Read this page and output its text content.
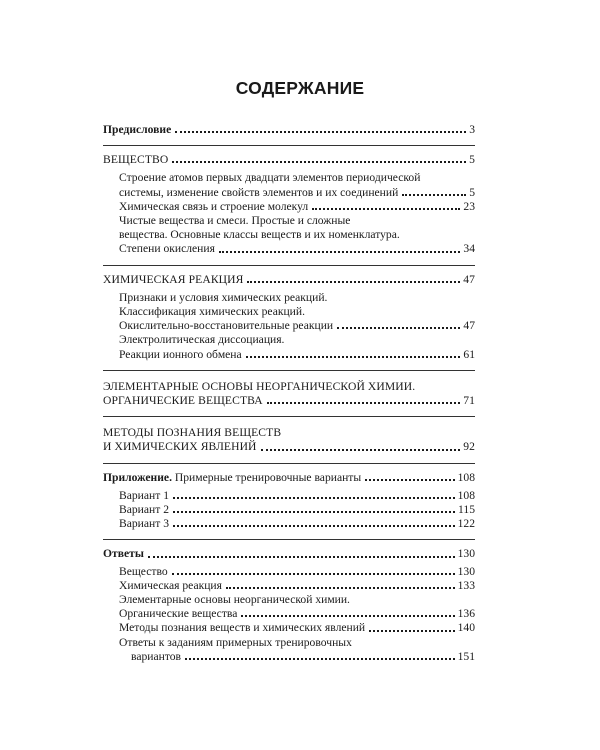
СОДЕРЖАНИЕ
Предисловие	3
ВЕЩЕСТВО	5
Строение атомов первых двадцати элементов периодической
системы, изменение свойств элементов и их соединений	5
Химическая связь и строение молекул	23
Чистые вещества и смеси. Простые и сложные
вещества. Основные классы веществ и их номенклатура.
Степени окисления	34
ХИМИЧЕСКАЯ РЕАКЦИЯ	47
Признаки и условия химических реакций.
Классификация химических реакций.
Окислительно-восстановительные реакции	47
Электролитическая диссоциация.
Реакции ионного обмена	61
ЭЛЕМЕНТАРНЫЕ ОСНОВЫ НЕОРГАНИЧЕСКОЙ ХИМИИ.
ОРГАНИЧЕСКИЕ ВЕЩЕСТВА	71
МЕТОДЫ ПОЗНАНИЯ ВЕЩЕСТВ
И ХИМИЧЕСКИХ ЯВЛЕНИЙ	92
Приложение. Примерные тренировочные варианты	108
Вариант 1	108
Вариант 2	115
Вариант 3	122
Ответы	130
Вещество	130
Химическая реакция	133
Элементарные основы неорганической химии.
Органические вещества	136
Методы познания веществ и химических явлений	140
Ответы к заданиям примерных тренировочных
вариантов	151
